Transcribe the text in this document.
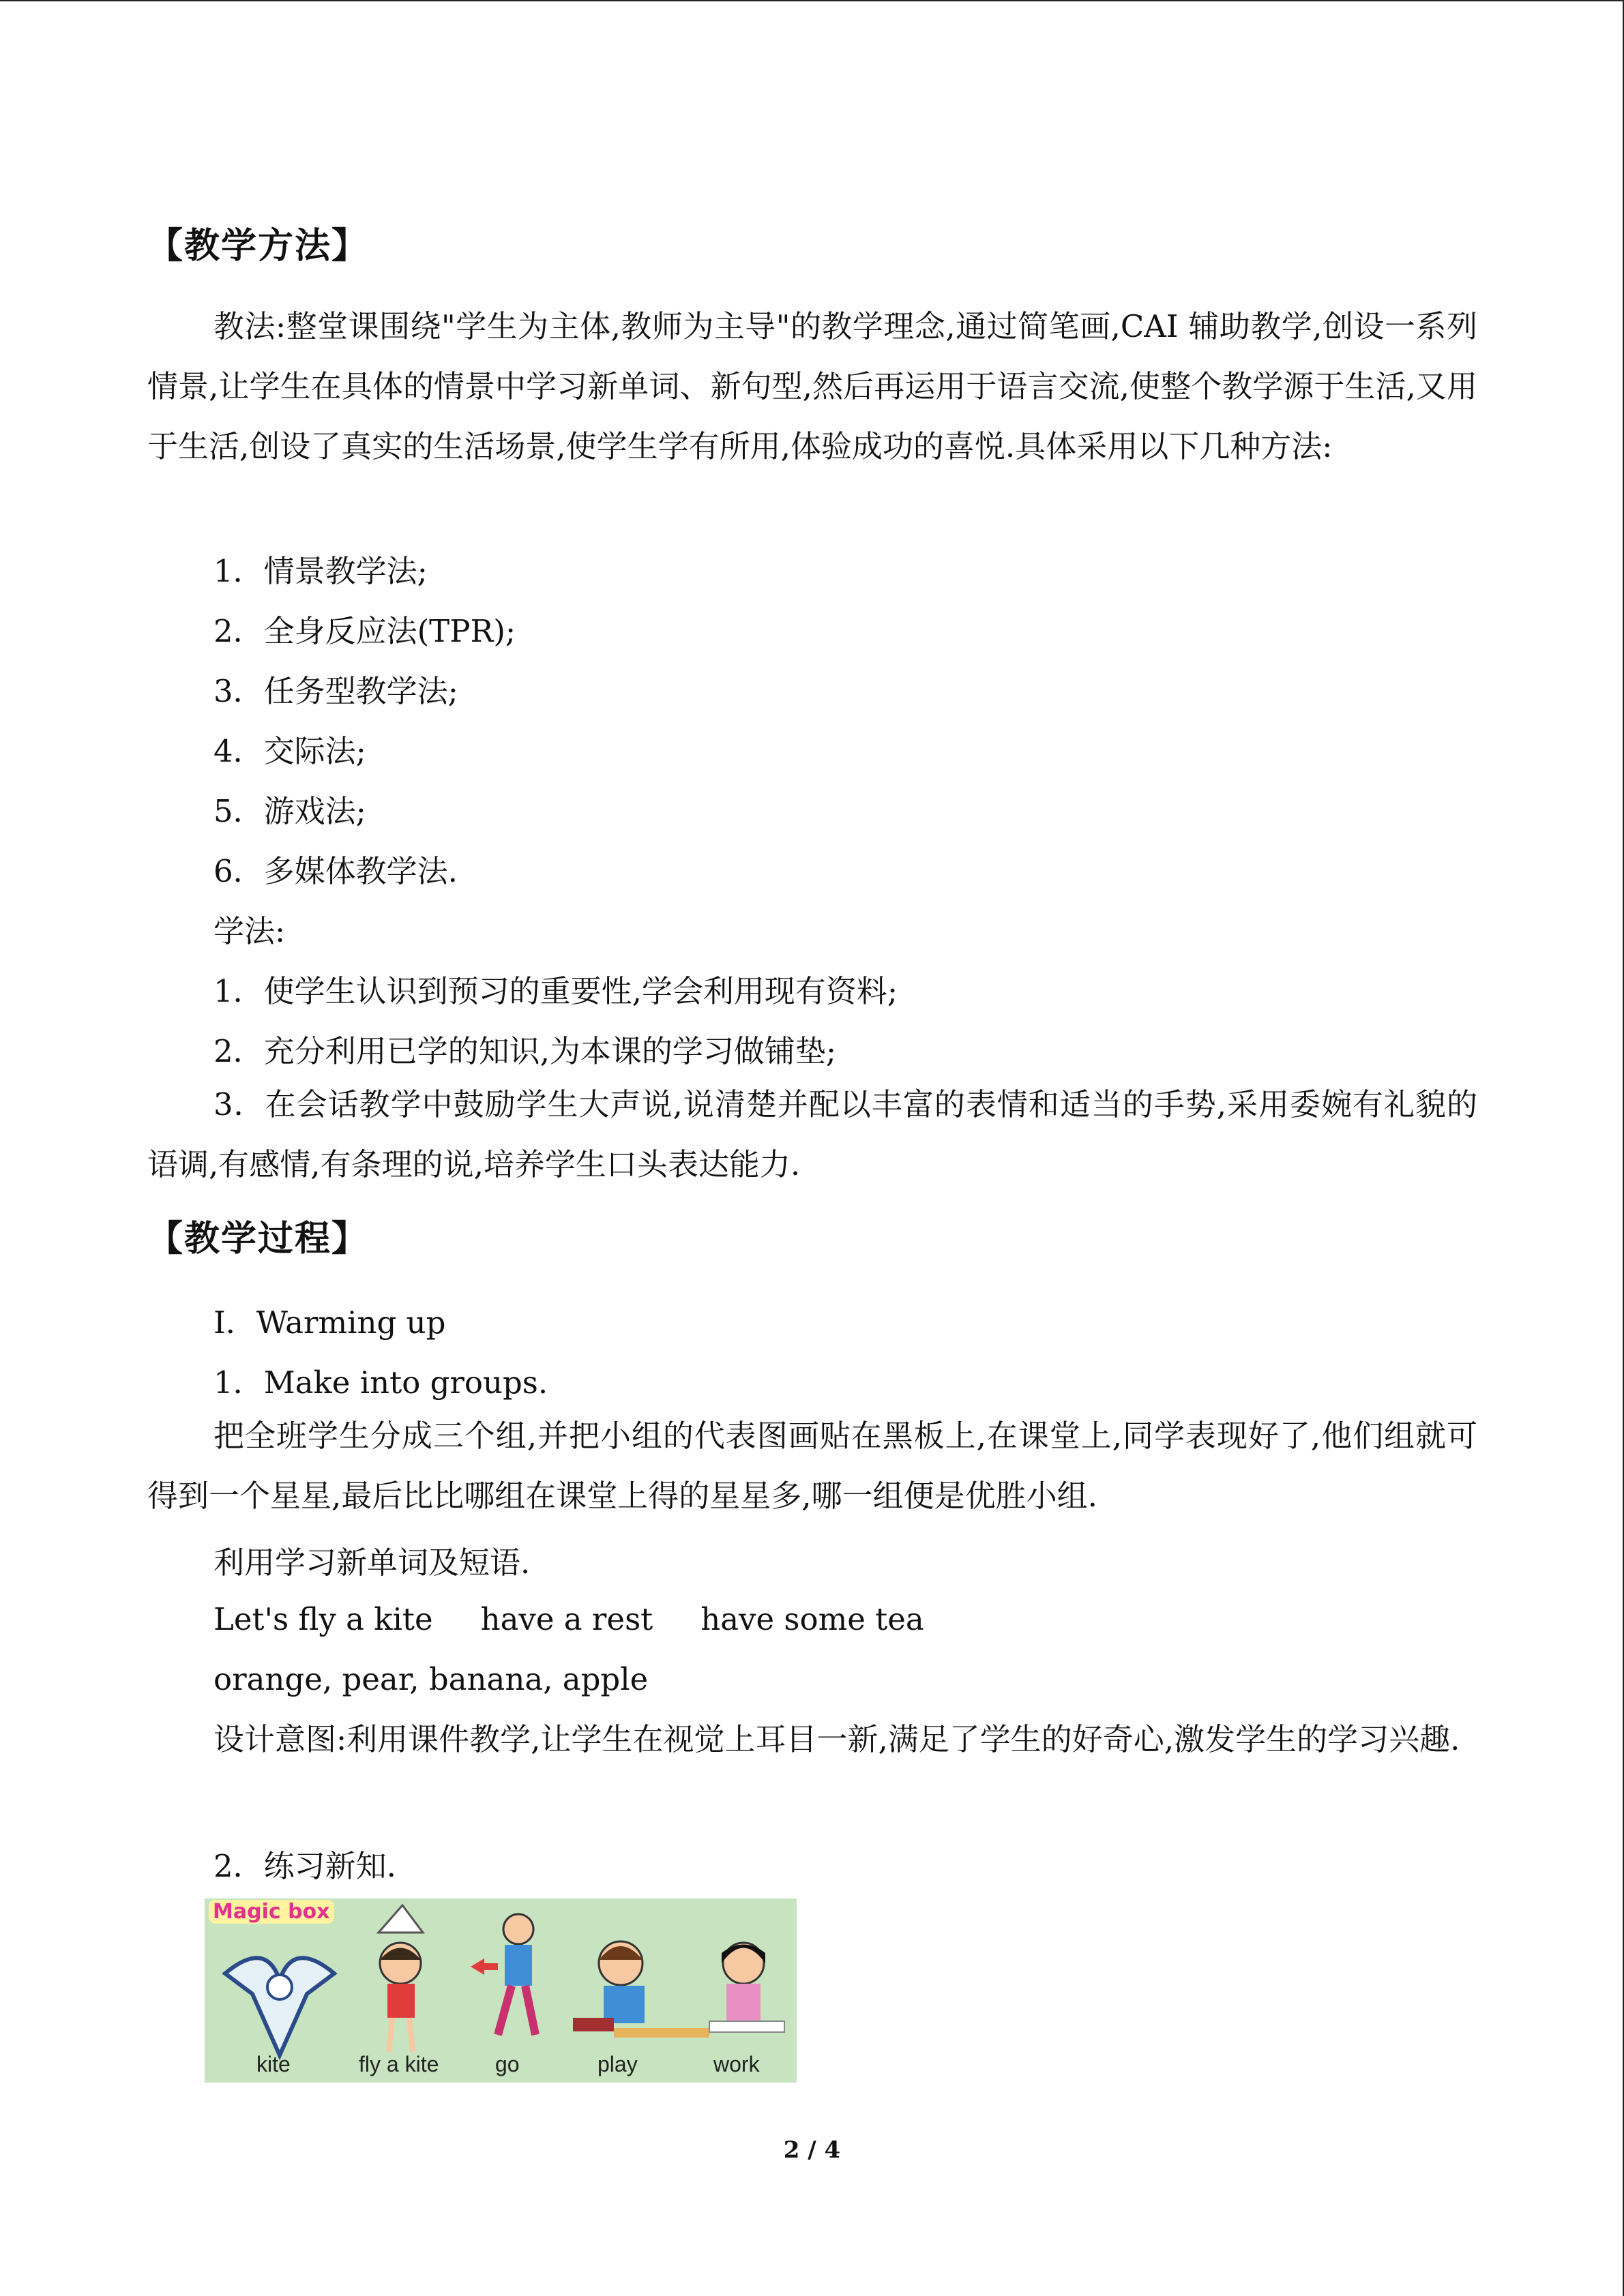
【教学方法】
教法:整堂课围绕"学生为主体,教师为主导"的教学理念,通过简笔画,CAI 辅助教学,创设一系列情景,让学生在具体的情景中学习新单词、新句型,然后再运用于语言交流,使整个教学源于生活,又用于生活,创设了真实的生活场景,使学生学有所用,体验成功的喜悦.具体采用以下几种方法:
1．情景教学法;
2．全身反应法(TPR);
3．任务型教学法;
4．交际法;
5．游戏法;
6．多媒体教学法.
学法:
1．使学生认识到预习的重要性,学会利用现有资料;
2．充分利用已学的知识,为本课的学习做铺垫;
3．在会话教学中鼓励学生大声说,说清楚并配以丰富的表情和适当的手势,采用委婉有礼貌的语调,有感情,有条理的说,培养学生口头表达能力.
【教学过程】
Ⅰ．Warming up
1．Make into groups.
把全班学生分成三个组,并把小组的代表图画贴在黑板上,在课堂上,同学表现好了,他们组就可得到一个星星,最后比比哪组在课堂上得的星星多,哪一组便是优胜小组.
利用学习新单词及短语.
Let's fly a kite have a rest have some tea
orange, pear, banana, apple
设计意图:利用课件教学,让学生在视觉上耳目一新,满足了学生的好奇心,激发学生的学习兴趣.
2．练习新知.
Magic box
kite	fly a kite	go	play	work
2 / 4
